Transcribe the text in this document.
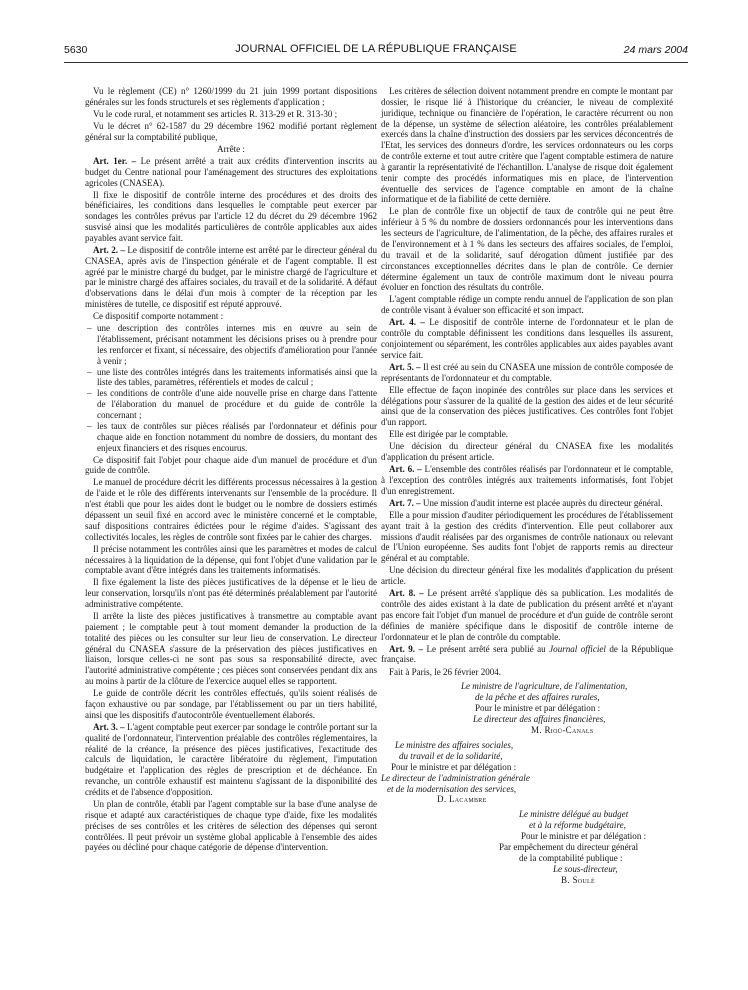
5630	JOURNAL OFFICIEL DE LA RÉPUBLIQUE FRANÇAISE	24 mars 2004

Vu le règlement (CE) n° 1260/1999 du 21 juin 1999 portant dispositions générales sur les fonds structurels et ses règlements d'application ;

Vu le code rural, et notamment ses articles R. 313-29 et R. 313-30 ;

Vu le décret n° 62-1587 du 29 décembre 1962 modifié portant règlement général sur la comptabilité publique,

Arrête :

Art. 1er. – Le présent arrêté a trait aux crédits d'intervention inscrits au budget du Centre national pour l'aménagement des structures des exploitations agricoles (CNASEA).

Il fixe le dispositif de contrôle interne des procédures et des droits des bénéficiaires, les conditions dans lesquelles le comptable peut exercer par sondages les contrôles prévus par l'article 12 du décret du 29 décembre 1962 susvisé ainsi que les modalités particulières de contrôle applicables aux aides payables avant service fait.

Art. 2. – Le dispositif de contrôle interne est arrêté par le directeur général du CNASEA, après avis de l'inspection générale et de l'agent comptable. Il est agréé par le ministre chargé du budget, par le ministre chargé de l'agriculture et par le ministre chargé des affaires sociales, du travail et de la solidarité. A défaut d'observations dans le délai d'un mois à compter de la réception par les ministères de tutelle, ce dispositif est réputé approuvé.

Ce dispositif comporte notamment :

– une description des contrôles internes mis en œuvre au sein de l'établissement, précisant notamment les décisions prises ou à prendre pour les renforcer et fixant, si nécessaire, des objectifs d'amélioration pour l'année à venir ;
– une liste des contrôles intégrés dans les traitements informatisés ainsi que la liste des tables, paramètres, référentiels et modes de calcul ;
– les conditions de contrôle d'une aide nouvelle prise en charge dans l'attente de l'élaboration du manuel de procédure et du guide de contrôle la concernant ;
– les taux de contrôles sur pièces réalisés par l'ordonnateur et définis pour chaque aide en fonction notamment du nombre de dossiers, du montant des enjeux financiers et des risques encourus.

Ce dispositif fait l'objet pour chaque aide d'un manuel de procédure et d'un guide de contrôle.

Le manuel de procédure décrit les différents processus nécessaires à la gestion de l'aide et le rôle des différents intervenants sur l'ensemble de la procédure. Il n'est établi que pour les aides dont le budget ou le nombre de dossiers estimés dépassent un seuil fixé en accord avec le ministère concerné et le comptable, sauf dispositions contraires édictées pour le régime d'aides. S'agissant des collectivités locales, les règles de contrôle sont fixées par le cahier des charges.

Il précise notamment les contrôles ainsi que les paramètres et modes de calcul nécessaires à la liquidation de la dépense, qui font l'objet d'une validation par le comptable avant d'être intégrés dans les traitements informatisés.

Il fixe également la liste des pièces justificatives de la dépense et le lieu de leur conservation, lorsqu'ils n'ont pas été déterminés préalablement par l'autorité administrative compétente.

Il arrête la liste des pièces justificatives à transmettre au comptable avant paiement ; le comptable peut à tout moment demander la production de la totalité des pièces ou les consulter sur leur lieu de conservation. Le directeur général du CNASEA s'assure de la préservation des pièces justificatives en liaison, lorsque celles-ci ne sont pas sous sa responsabilité directe, avec l'autorité administrative compétente ; ces pièces sont conservées pendant dix ans au moins à partir de la clôture de l'exercice auquel elles se rapportent.

Le guide de contrôle décrit les contrôles effectués, qu'ils soient réalisés de façon exhaustive ou par sondage, par l'établissement ou par un tiers habilité, ainsi que les dispositifs d'autocontrôle éventuellement élaborés.

Art. 3. – L'agent comptable peut exercer par sondage le contrôle portant sur la qualité de l'ordonnateur, l'intervention préalable des contrôles réglementaires, la réalité de la créance, la présence des pièces justificatives, l'exactitude des calculs de liquidation, le caractère libératoire du règlement, l'imputation budgétaire et l'application des règles de prescription et de déchéance. En revanche, un contrôle exhaustif est maintenu s'agissant de la disponibilité des crédits et de l'absence d'opposition.

Un plan de contrôle, établi par l'agent comptable sur la base d'une analyse de risque et adapté aux caractéristiques de chaque type d'aide, fixe les modalités précises de ses contrôles et les critères de sélection des dépenses qui seront contrôlées. Il peut prévoir un système global applicable à l'ensemble des aides payées ou décliné pour chaque catégorie de dépense d'intervention.

Les critères de sélection doivent notamment prendre en compte le montant par dossier, le risque lié à l'historique du créancier, le niveau de complexité juridique, technique ou financière de l'opération, le caractère récurrent ou non de la dépense, un système de sélection aléatoire, les contrôles préalablement exercés dans la chaîne d'instruction des dossiers par les services déconcentrés de l'Etat, les services des donneurs d'ordre, les services ordonnateurs ou les corps de contrôle externe et tout autre critère que l'agent comptable estimera de nature à garantir la représentativité de l'échantillon. L'analyse de risque doit également tenir compte des procédés informatiques mis en place, de l'intervention éventuelle des services de l'agence comptable en amont de la chaîne informatique et de la fiabilité de cette dernière.

Le plan de contrôle fixe un objectif de taux de contrôle qui ne peut être inférieur à 5 % du nombre de dossiers ordonnancés pour les interventions dans les secteurs de l'agriculture, de l'alimentation, de la pêche, des affaires rurales et de l'environnement et à 1 % dans les secteurs des affaires sociales, de l'emploi, du travail et de la solidarité, sauf dérogation dûment justifiée par des circonstances exceptionnelles décrites dans le plan de contrôle. Ce dernier détermine également un taux de contrôle maximum dont le niveau pourra évoluer en fonction des résultats du contrôle.

L'agent comptable rédige un compte rendu annuel de l'application de son plan de contrôle visant à évaluer son efficacité et son impact.

Art. 4. – Le dispositif de contrôle interne de l'ordonnateur et le plan de contrôle du comptable définissent les conditions dans lesquelles ils assurent, conjointement ou séparément, les contrôles applicables aux aides payables avant service fait.

Art. 5. – Il est créé au sein du CNASEA une mission de contrôle composée de représentants de l'ordonnateur et du comptable.

Elle effectue de façon inopinée des contrôles sur place dans les services et délégations pour s'assurer de la qualité de la gestion des aides et de leur sécurité ainsi que de la conservation des pièces justificatives. Ces contrôles font l'objet d'un rapport.

Elle est dirigée par le comptable.

Une décision du directeur général du CNASEA fixe les modalités d'application du présent article.

Art. 6. – L'ensemble des contrôles réalisés par l'ordonnateur et le comptable, à l'exception des contrôles intégrés aux traitements informatisés, font l'objet d'un enregistrement.

Art. 7. – Une mission d'audit interne est placée auprès du directeur général.

Elle a pour mission d'auditer périodiquement les procédures de l'établissement ayant trait à la gestion des crédits d'intervention. Elle peut collaborer aux missions d'audit réalisées par des organismes de contrôle nationaux ou relevant de l'Union européenne. Ses audits font l'objet de rapports remis au directeur général et au comptable.

Une décision du directeur général fixe les modalités d'application du présent article.

Art. 8. – Le présent arrêté s'applique dès sa publication. Les modalités de contrôle des aides existant à la date de publication du présent arrêté et n'ayant pas encore fait l'objet d'un manuel de procédure et d'un guide de contrôle seront définies de manière spécifique dans le dispositif de contrôle interne de l'ordonnateur et le plan de contrôle du comptable.

Art. 9. – Le présent arrêté sera publié au Journal officiel de la République française.

Fait à Paris, le 26 février 2004.

Le ministre de l'agriculture, de l'alimentation,
de la pêche et des affaires rurales,
Pour le ministre et par délégation :
Le directeur des affaires financières,
M. Rioü-Canals
Le ministre des affaires sociales,
du travail et de la solidarité,
Pour le ministre et par délégation :
Le directeur de l'administration générale
et de la modernisation des services,
D. Lacambre
Le ministre délégué au budget
et à la réforme budgétaire,
Pour le ministre et par délégation :
Par empêchement du directeur général
de la comptabilité publique :
Le sous-directeur,
B. Soulé
